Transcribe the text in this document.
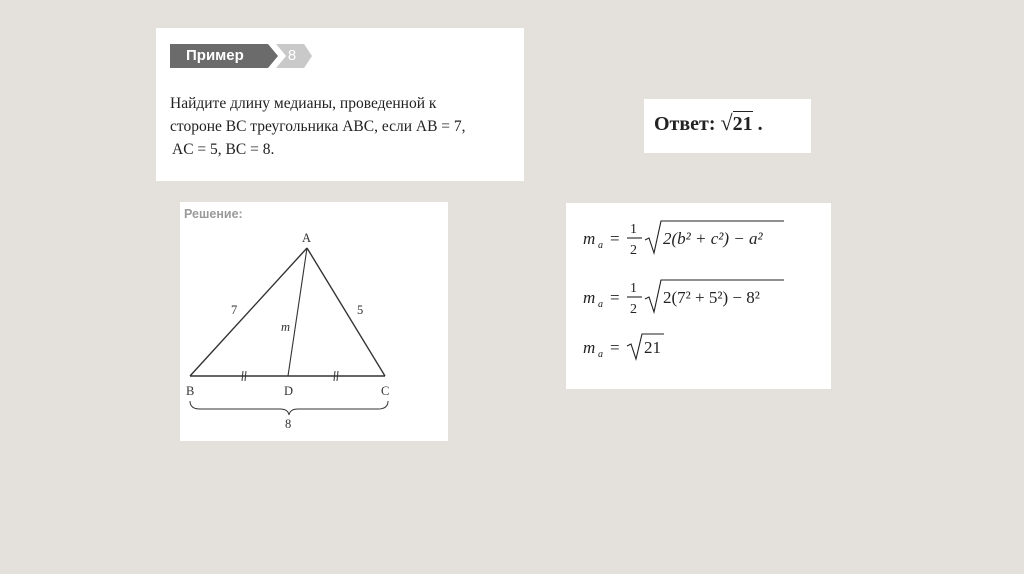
Пример	8
Найдите длину медианы, проведенной к
стороне BC треугольника ABC, если AB = 7,
AC = 5, BC = 8.
Ответ: √21 .
Решение:
A
B	C
D
7	5
m
8
m a = 1
2
2(b² + c²) − a²
m a = 1
2
2(7² + 5²) − 8²
m a = 21
